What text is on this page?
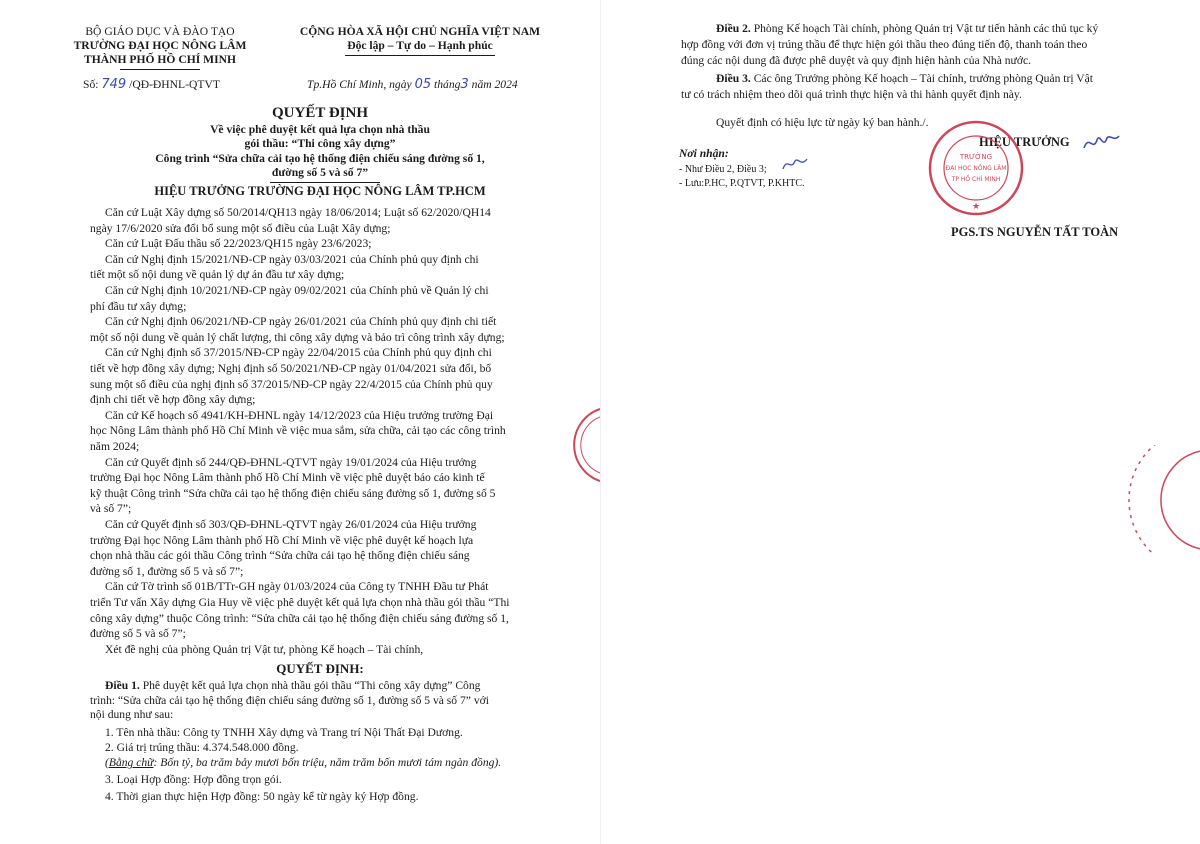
BỘ GIÁO DỤC VÀ ĐÀO TẠO
TRƯỜNG ĐẠI HỌC NÔNG LÂM
THÀNH PHỐ HỒ CHÍ MINH
CỘNG HÒA XÃ HỘI CHỦ NGHĨA VIỆT NAM
Độc lập – Tự do – Hạnh phúc
Số: 749 /QĐ-ĐHNL-QTVT	Tp.Hồ Chí Minh, ngày 05 tháng3 năm 2024
QUYẾT ĐỊNH
Về việc phê duyệt kết quả lựa chọn nhà thầu
gói thầu: “Thi công xây dựng”
Công trình “Sửa chữa cải tạo hệ thống điện chiếu sáng đường số 1,
đường số 5 và số 7”
HIỆU TRƯỞNG TRƯỜNG ĐẠI HỌC NÔNG LÂM TP.HCM
Căn cứ Luật Xây dựng số 50/2014/QH13 ngày 18/06/2014; Luật số 62/2020/QH14
ngày 17/6/2020 sửa đổi bổ sung một số điều của Luật Xây dựng;
Căn cứ Luật Đấu thầu số 22/2023/QH15 ngày 23/6/2023;
Căn cứ Nghị định 15/2021/NĐ-CP ngày 03/03/2021 của Chính phủ quy định chi
tiết một số nội dung về quản lý dự án đầu tư xây dựng;
Căn cứ Nghị định 10/2021/NĐ-CP ngày 09/02/2021 của Chính phủ về Quản lý chi
phí đầu tư xây dựng;
Căn cứ Nghị định 06/2021/NĐ-CP ngày 26/01/2021 của Chính phủ quy định chi tiết
một số nội dung về quản lý chất lượng, thi công xây dựng và bảo trì công trình xây dựng;
Căn cứ Nghị định số 37/2015/NĐ-CP ngày 22/04/2015 của Chính phủ quy định chi
tiết về hợp đồng xây dựng; Nghị định số 50/2021/NĐ-CP ngày 01/04/2021 sửa đổi, bổ
sung một số điều của nghị định số 37/2015/NĐ-CP ngày 22/4/2015 của Chính phủ quy
định chi tiết về hợp đồng xây dựng;
Căn cứ Kế hoạch số 4941/KH-ĐHNL ngày 14/12/2023 của Hiệu trưởng trường Đại
học Nông Lâm thành phố Hồ Chí Minh về việc mua sắm, sửa chữa, cải tạo các công trình
năm 2024;
Căn cứ Quyết định số 244/QĐ-ĐHNL-QTVT ngày 19/01/2024 của Hiệu trưởng
trường Đại học Nông Lâm thành phố Hồ Chí Minh về việc phê duyệt báo cáo kinh tế
kỹ thuật Công trình “Sửa chữa cải tạo hệ thống điện chiếu sáng đường số 1, đường số 5
và số 7”;
Căn cứ Quyết định số 303/QĐ-ĐHNL-QTVT ngày 26/01/2024 của Hiệu trưởng
trường Đại học Nông Lâm thành phố Hồ Chí Minh về việc phê duyệt kế hoạch lựa
chọn nhà thầu các gói thầu Công trình “Sửa chữa cải tạo hệ thống điện chiếu sáng
đường số 1, đường số 5 và số 7”;
Căn cứ Tờ trình số 01B/TTr-GH ngày 01/03/2024 của Công ty TNHH Đầu tư Phát
triển Tư vấn Xây dựng Gia Huy về việc phê duyệt kết quả lựa chọn nhà thầu gói thầu “Thi
công xây dựng” thuộc Công trình: “Sửa chữa cải tạo hệ thống điện chiếu sáng đường số 1,
đường số 5 và số 7”;
Xét đề nghị của phòng Quản trị Vật tư, phòng Kế hoạch – Tài chính,
QUYẾT ĐỊNH:
Điều 1. Phê duyệt kết quả lựa chọn nhà thầu gói thầu “Thi công xây dựng” Công
trình: “Sửa chữa cải tạo hệ thống điện chiếu sáng đường số 1, đường số 5 và số 7” với
nội dung như sau:
1. Tên nhà thầu: Công ty TNHH Xây dựng và Trang trí Nội Thất Đại Dương.
2. Giá trị trúng thầu: 4.374.548.000 đồng.
(Bằng chữ: Bốn tỷ, ba trăm bảy mươi bốn triệu, năm trăm bốn mươi tám ngàn đồng).
3. Loại Hợp đồng: Hợp đồng trọn gói.
4. Thời gian thực hiện Hợp đồng: 50 ngày kể từ ngày ký Hợp đồng.
Điều 2. Phòng Kế hoạch Tài chính, phòng Quản trị Vật tư tiến hành các thủ tục ký
hợp đồng với đơn vị trúng thầu để thực hiện gói thầu theo đúng tiến độ, thanh toán theo
đúng các nội dung đã được phê duyệt và quy định hiện hành của Nhà nước.
Điều 3. Các ông Trưởng phòng Kế hoạch – Tài chính, trưởng phòng Quản trị Vật
tư có trách nhiệm theo dõi quá trình thực hiện và thi hành quyết định này.
Quyết định có hiệu lực từ ngày ký ban hành./.
Nơi nhận:
- Như Điều 2, Điều 3;
- Lưu:P.HC, P.QTVT, P.KHTC.
HIỆU TRƯỞNG
TRƯỜNG
ĐẠI HỌC NÔNG LÂM
TP HỒ CHÍ MINH
★
PGS.TS NGUYỄN TẤT TOÀN
